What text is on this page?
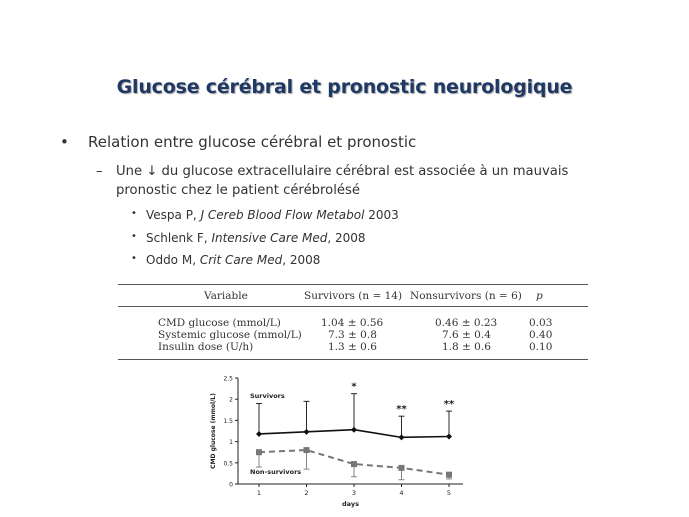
Glucose cérébral et pronostic neurologique
• Relation entre glucose cérébral et pronostic
– Une ↓ du glucose extracellulaire cérébral est associée à un mauvais pronostic chez le patient cérébrolésé
• Vespa P, J Cereb Blood Flow Metabol 2003
• Schlenk F, Intensive Care Med, 2008
• Oddo M, Crit Care Med, 2008
Variable	Survivors (n = 14) Nonsurvivors (n = 6) p
CMD glucose (mmol/L)	1.04 ± 0.56	0.46 ± 0.23	0.03
Systemic glucose (mmol/L) 7.3 ± 0.8	7.6 ± 0.4	0.40
Insulin dose (U/h)	1.3 ± 0.6	1.8 ± 0.6	0.10
0
0.5
1
1.5
2
2.5
1	2	3	4	5
days
CMD glucose (mmol/L)	Survivors
Non-survivors
*
**	**
